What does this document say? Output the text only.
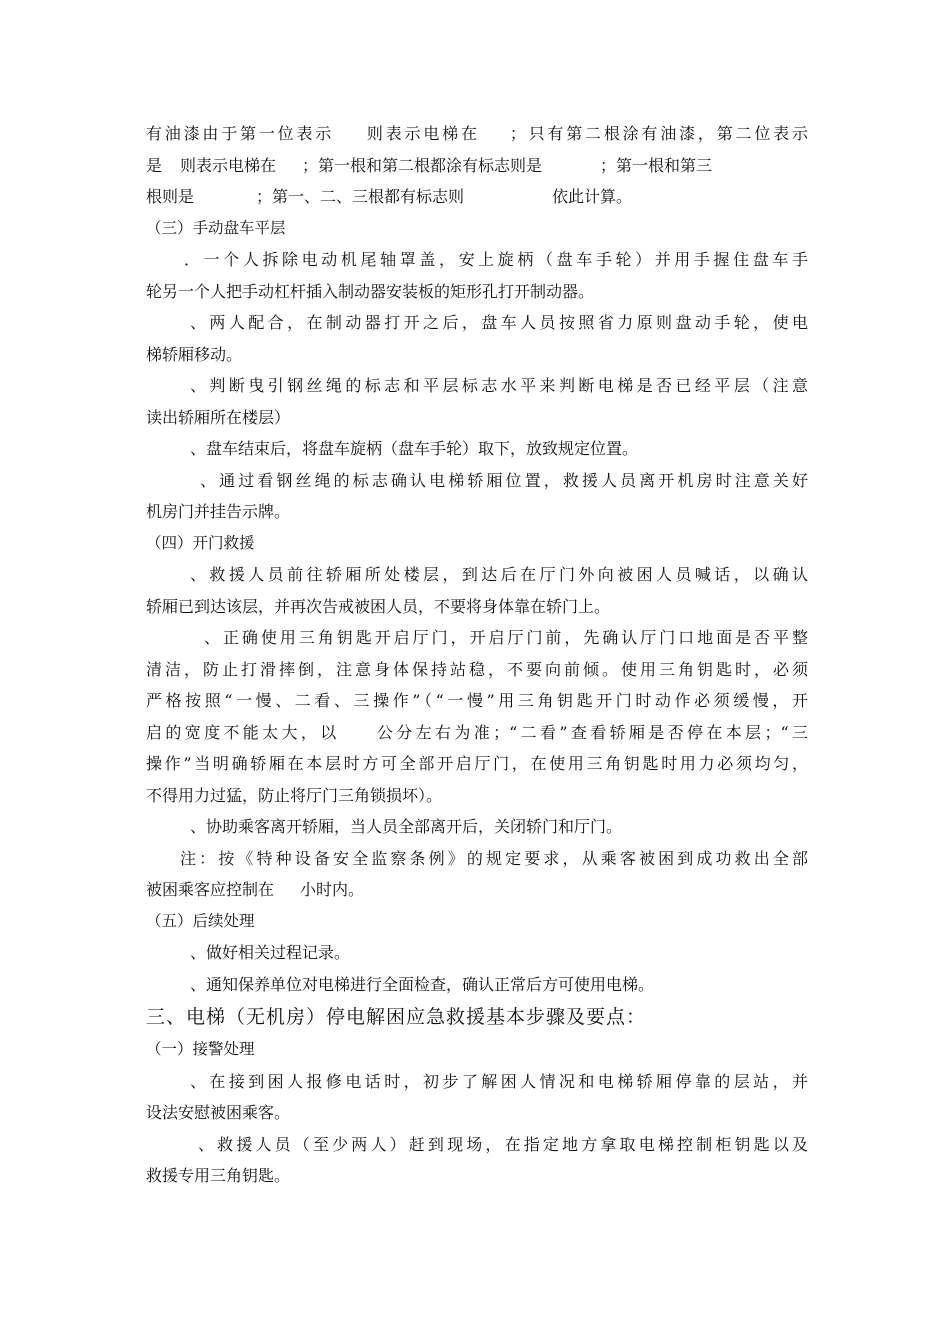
有油漆由于第一位表示 则表示电梯在 ；只有第二根涂有油漆，第二位表示
是 则表示电梯在 ；第一根和第二根都涂有标志则是	；第一根和第三
根则是	；第一、二、三根都有标志则	依此计算。
（三）手动盘车平层
．一个人拆除电动机尾轴罩盖，安上旋柄（盘车手轮）并用手握住盘车手
轮另一个人把手动杠杆插入制动器安装板的矩形孔打开制动器。
、两人配合，在制动器打开之后，盘车人员按照省力原则盘动手轮，使电
梯轿厢移动。
、判断曳引钢丝绳的标志和平层标志水平来判断电梯是否已经平层（注意
读出轿厢所在楼层）
、盘车结束后，将盘车旋柄（盘车手轮）取下，放致规定位置。
、通过看钢丝绳的标志确认电梯轿厢位置，救援人员离开机房时注意关好
机房门并挂告示牌。
（四）开门救援
、救援人员前往轿厢所处楼层，到达后在厅门外向被困人员喊话，以确认
轿厢已到达该层，并再次告戒被困人员，不要将身体靠在轿门上。
、正确使用三角钥匙开启厅门，开启厅门前，先确认厅门口地面是否平整
清洁，防止打滑摔倒，注意身体保持站稳，不要向前倾。使用三角钥匙时，必须
严格按照“一慢、二看、三操作”（“一慢”用三角钥匙开门时动作必须缓慢，开
启的宽度不能太大，以 公分左右为准；“二看”查看轿厢是否停在本层；“三
操作”当明确轿厢在本层时方可全部开启厅门，在使用三角钥匙时用力必须均匀，
不得用力过猛，防止将厅门三角锁损坏）。
、协助乘客离开轿厢，当人员全部离开后，关闭轿门和厅门。
注：按《特种设备安全监察条例》的规定要求，从乘客被困到成功救出全部
被困乘客应控制在 小时内。
（五）后续处理
、做好相关过程记录。
、通知保养单位对电梯进行全面检查，确认正常后方可使用电梯。
三、电梯（无机房）停电解困应急救援基本步骤及要点：
（一）接警处理
、在接到困人报修电话时，初步了解困人情况和电梯轿厢停靠的层站，并
设法安慰被困乘客。
、救援人员（至少两人）赶到现场，在指定地方拿取电梯控制柜钥匙以及
救援专用三角钥匙。
